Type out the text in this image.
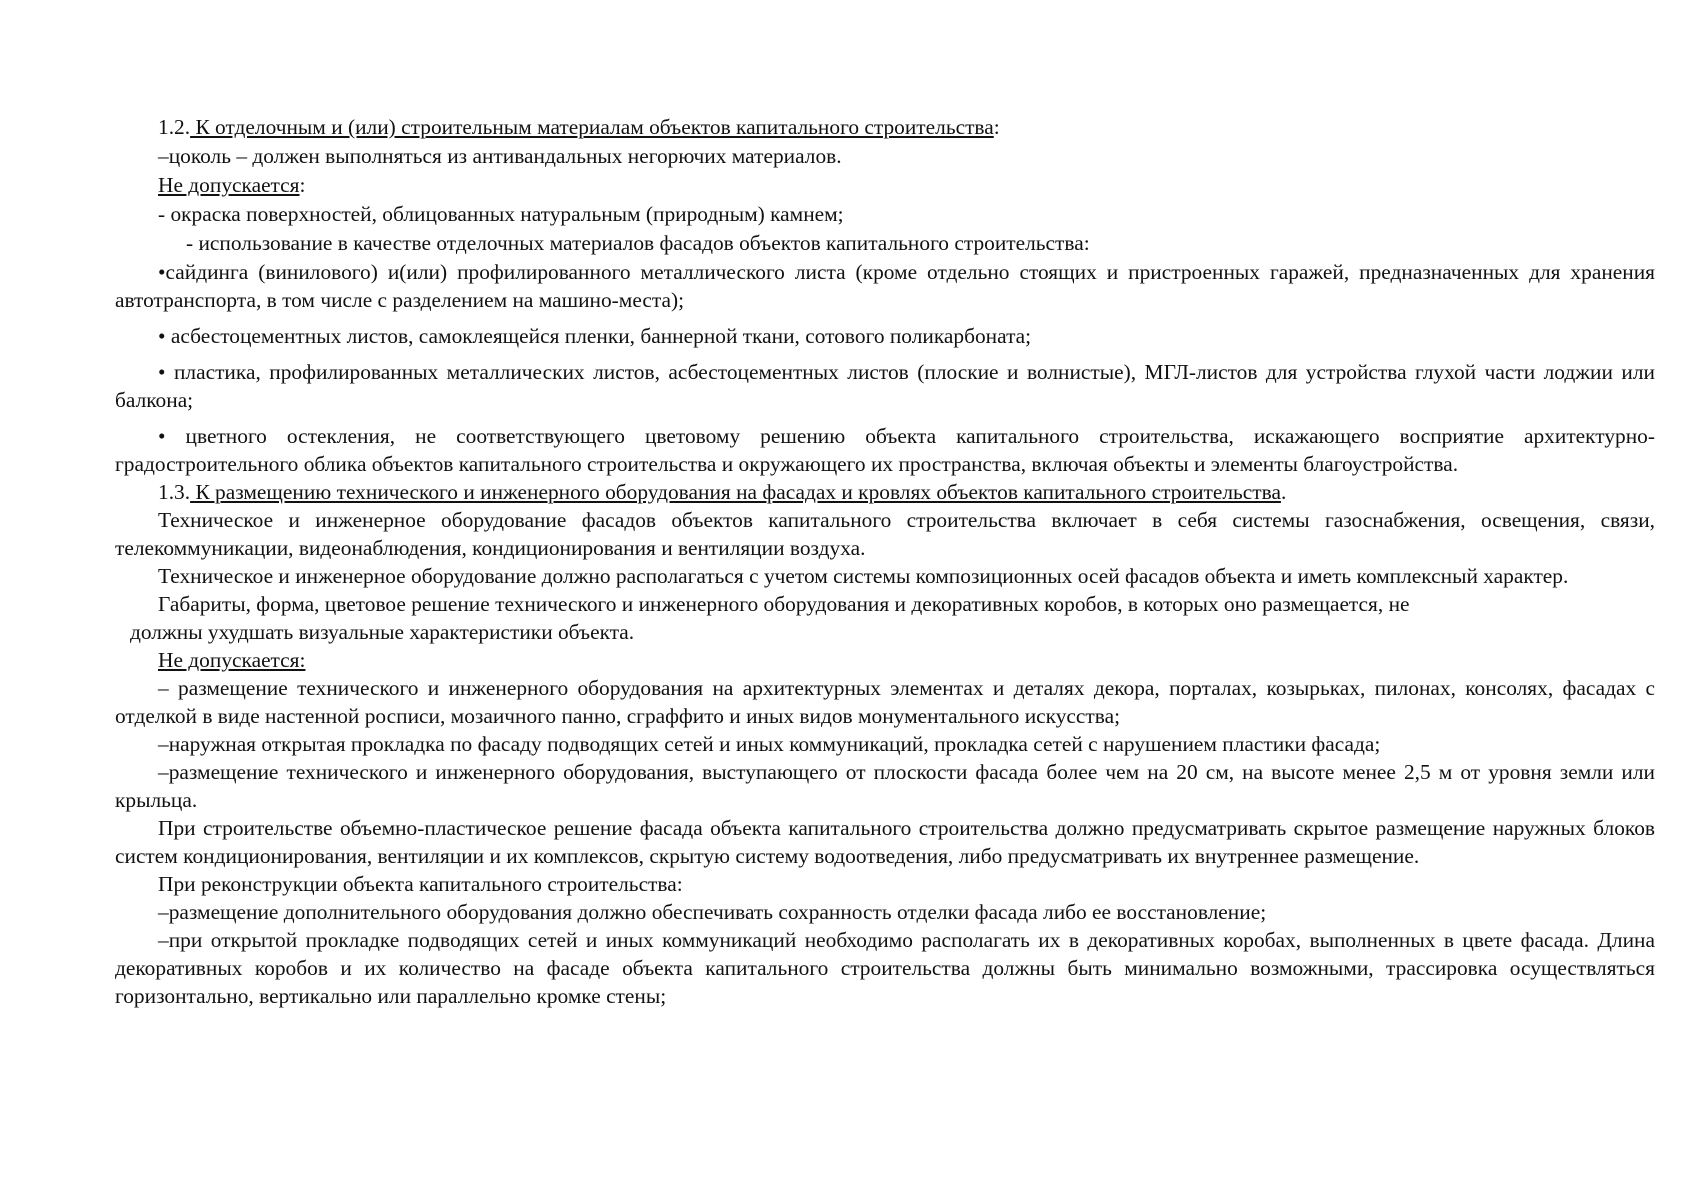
1.2. К отделочным и (или) строительным материалам объектов капитального строительства:

–цоколь – должен выполняться из антивандальных негорючих материалов.

Не допускается:

- окраска поверхностей, облицованных натуральным (природным) камнем;

- использование в качестве отделочных материалов фасадов объектов капитального строительства:

•сайдинга (винилового) и(или) профилированного металлического листа (кроме отдельно стоящих и пристроенных гаражей, предназначенных для хранения автотранспорта, в том числе с разделением на машино-места);

• асбестоцементных листов, самоклеящейся пленки, баннерной ткани, сотового поликарбоната;

• пластика, профилированных металлических листов, асбестоцементных листов (плоские и волнистые), МГЛ-листов для устройства глухой части лоджии или балкона;

• цветного остекления, не соответствующего цветовому решению объекта капитального строительства, искажающего восприятие архитектурно-градостроительного облика объектов капитального строительства и окружающего их пространства, включая объекты и элементы благоустройства.

1.3. К размещению технического и инженерного оборудования на фасадах и кровлях объектов капитального строительства.

Техническое и инженерное оборудование фасадов объектов капитального строительства включает в себя системы газоснабжения, освещения, связи, телекоммуникации, видеонаблюдения, кондиционирования и вентиляции воздуха.

Техническое и инженерное оборудование должно располагаться с учетом системы композиционных осей фасадов объекта и иметь комплексный характер.

Габариты, форма, цветовое решение технического и инженерного оборудования и декоративных коробов, в которых оно размещается, не

должны ухудшать визуальные характеристики объекта.

Не допускается:

– размещение технического и инженерного оборудования на архитектурных элементах и деталях декора, порталах, козырьках, пилонах, консолях, фасадах с отделкой в виде настенной росписи, мозаичного панно, сграффито и иных видов монументального искусства;

–наружная открытая прокладка по фасаду подводящих сетей и иных коммуникаций, прокладка сетей с нарушением пластики фасада;

–размещение технического и инженерного оборудования, выступающего от плоскости фасада более чем на 20 см, на высоте менее 2,5 м от уровня земли или крыльца.

При строительстве объемно-пластическое решение фасада объекта капитального строительства должно предусматривать скрытое размещение наружных блоков систем кондиционирования, вентиляции и их комплексов, скрытую систему водоотведения, либо предусматривать их внутреннее размещение.

При реконструкции объекта капитального строительства:

–размещение дополнительного оборудования должно обеспечивать сохранность отделки фасада либо ее восстановление;

–при открытой прокладке подводящих сетей и иных коммуникаций необходимо располагать их в декоративных коробах, выполненных в цвете фасада. Длина декоративных коробов и их количество на фасаде объекта капитального строительства должны быть минимально возможными, трассировка осуществляться горизонтально, вертикально или параллельно кромке стены;
